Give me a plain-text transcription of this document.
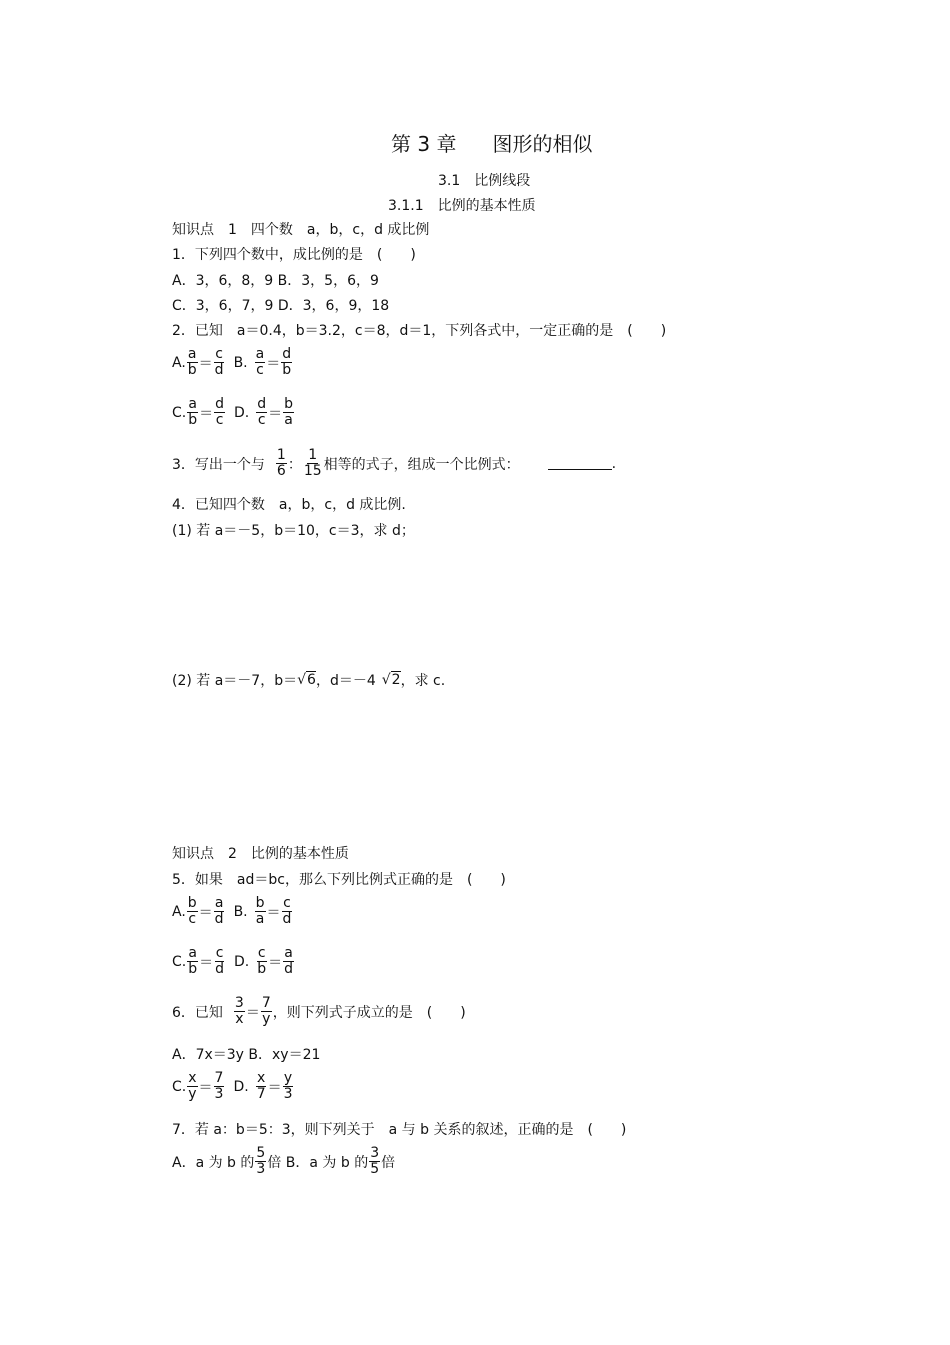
第 3 章 图形的相似
3.1　比例线段
3.1.1　比例的基本性质
知识点　1　四个数　a，b，c，d 成比例
1．下列四个数中，成比例的是　(　　)
A．3，6，8，9 B．3，5，6，9
C．3，6，7，9 D．3，6，9，18
2．已知　a＝0.4，b＝3.2，c＝8，d＝1，下列各式中，一定正确的是　(　　)
A. $\frac{a}{b} = \frac{c}{d} B$. $\frac{a}{c} = \frac{d}{b}$
C. $\frac{a}{b} = \frac{d}{c} D$. $\frac{d}{c} = \frac{b}{a}$
3．写出一个与 $\frac{1}{6}$ ： $\frac{1}{15}$ 相等的式子，组成一个比例式：	.
4．已知四个数　a，b，c，d 成比例.
(1) 若 a＝－5，b＝10，c＝3，求 d；
(2) 若 a＝－7，b＝ √6 ，d＝－4 √2 ，求 c.
知识点　2　比例的基本性质
5．如果　ad＝bc，那么下列比例式正确的是　(　　)
A. $\frac{b}{c} = \frac{a}{d} B$. $\frac{b}{a} = \frac{c}{d}$
C. $\frac{a}{b} = \frac{c}{d} D$. $\frac{c}{b} = \frac{a}{d}$
6．已知 $\frac{3}{x} = \frac{7}{y}$ ，则下列式子成立的是　(　　)
A．7x＝3y B．xy＝21
C. $\frac{x}{y} = \frac{7}{3} D$. $\frac{x}{7} = \frac{y}{3}$
7．若 a：b＝5：3，则下列关于　a 与 b 关系的叙述，正确的是　(　　)
A．a 为 b 的 $\frac{5}{3}$ 倍 B．a 为 b 的 $\frac{3}{5}$ 倍
